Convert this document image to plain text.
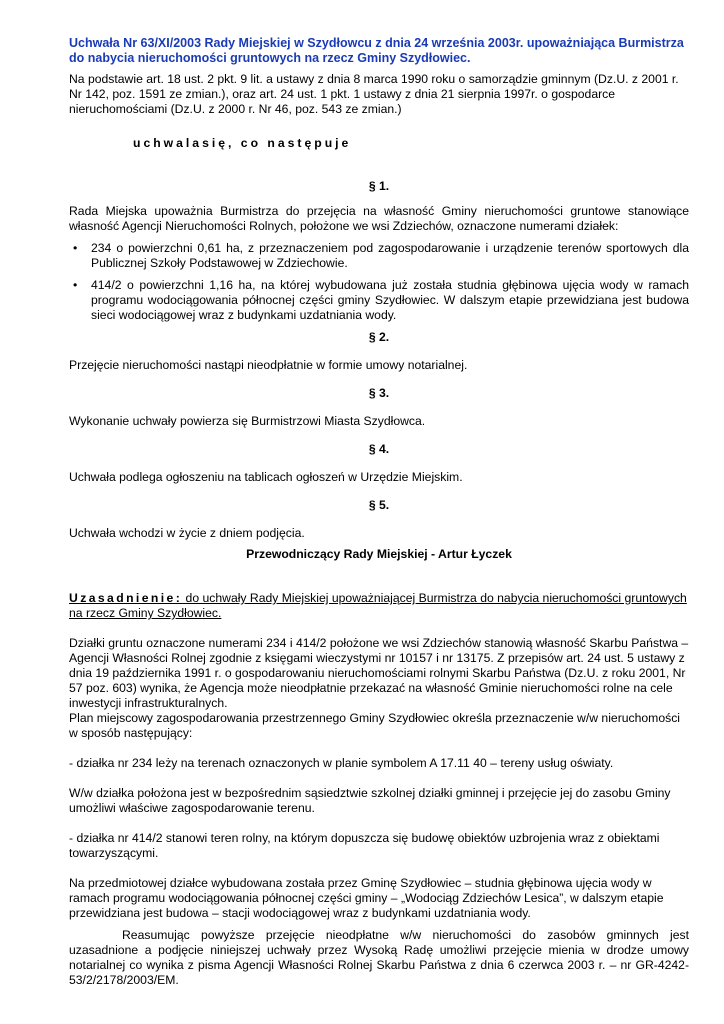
Uchwała Nr 63/XI/2003 Rady Miejskiej w Szydłowcu z dnia 24 września 2003r. upoważniająca Burmistrza do nabycia nieruchomości gruntowych na rzecz Gminy Szydłowiec.

Na podstawie art. 18 ust. 2 pkt. 9 lit. a ustawy z dnia 8 marca 1990 roku o samorządzie gminnym (Dz.U. z 2001 r. Nr 142, poz. 1591 ze zmian.), oraz art. 24 ust. 1 pkt. 1 ustawy z dnia 21 sierpnia 1997r. o gospodarce nieruchomościami (Dz.U. z 2000 r. Nr 46, poz. 543 ze zmian.)

uchwalasię, co następuje

§ 1.

Rada Miejska upoważnia Burmistrza do przejęcia na własność Gminy nieruchomości gruntowe stanowiące własność Agencji Nieruchomości Rolnych, położone we wsi Zdziechów, oznaczone numerami działek:

• 234 o powierzchni 0,61 ha, z przeznaczeniem pod zagospodarowanie i urządzenie terenów sportowych dla Publicznej Szkoły Podstawowej w Zdziechowie.
• 414/2 o powierzchni 1,16 ha, na której wybudowana już została studnia głębinowa ujęcia wody w ramach programu wodociągowania północnej części gminy Szydłowiec. W dalszym etapie przewidziana jest budowa sieci wodociągowej wraz z budynkami uzdatniania wody.

§ 2.

Przejęcie nieruchomości nastąpi nieodpłatnie w formie umowy notarialnej.

§ 3.

Wykonanie uchwały powierza się Burmistrzowi Miasta Szydłowca.

§ 4.

Uchwała podlega ogłoszeniu na tablicach ogłoszeń w Urzędzie Miejskim.

§ 5.

Uchwała wchodzi w życie z dniem podjęcia.

Przewodniczący Rady Miejskiej - Artur Łyczek

Uzasadnienie: do uchwały Rady Miejskiej upoważniającej Burmistrza do nabycia nieruchomości gruntowych na rzecz Gminy Szydłowiec.

Działki gruntu oznaczone numerami 234 i 414/2 położone we wsi Zdziechów stanowią własność Skarbu Państwa – Agencji Własności Rolnej zgodnie z księgami wieczystymi nr 10157 i nr 13175. Z przepisów art. 24 ust. 5 ustawy z dnia 19 października 1991 r. o gospodarowaniu nieruchomościami rolnymi Skarbu Państwa (Dz.U. z roku 2001, Nr 57 poz. 603) wynika, że Agencja może nieodpłatnie przekazać na własność Gminie nieruchomości rolne na cele inwestycji infrastrukturalnych.

Plan miejscowy zagospodarowania przestrzennego Gminy Szydłowiec określa przeznaczenie w/w nieruchomości w sposób następujący:

- działka nr 234 leży na terenach oznaczonych w planie symbolem A 17.11 40 – tereny usług oświaty.

W/w działka położona jest w bezpośrednim sąsiedztwie szkolnej działki gminnej i przejęcie jej do zasobu Gminy umożliwi właściwe zagospodarowanie terenu.

- działka nr 414/2 stanowi teren rolny, na którym dopuszcza się budowę obiektów uzbrojenia wraz z obiektami towarzyszącymi.

Na przedmiotowej działce wybudowana została przez Gminę Szydłowiec – studnia głębinowa ujęcia wody w ramach programu wodociągowania północnej części gminy – „Wodociąg Zdziechów Lesica”, w dalszym etapie przewidziana jest budowa – stacji wodociągowej wraz z budynkami uzdatniania wody.

Reasumując powyższe przejęcie nieodpłatne w/w nieruchomości do zasobów gminnych jest uzasadnione a podjęcie niniejszej uchwały przez Wysoką Radę umożliwi przejęcie mienia w drodze umowy notarialnej co wynika z pisma Agencji Własności Rolnej Skarbu Państwa z dnia 6 czerwca 2003 r. – nr GR-4242-53/2/2178/2003/EM.
